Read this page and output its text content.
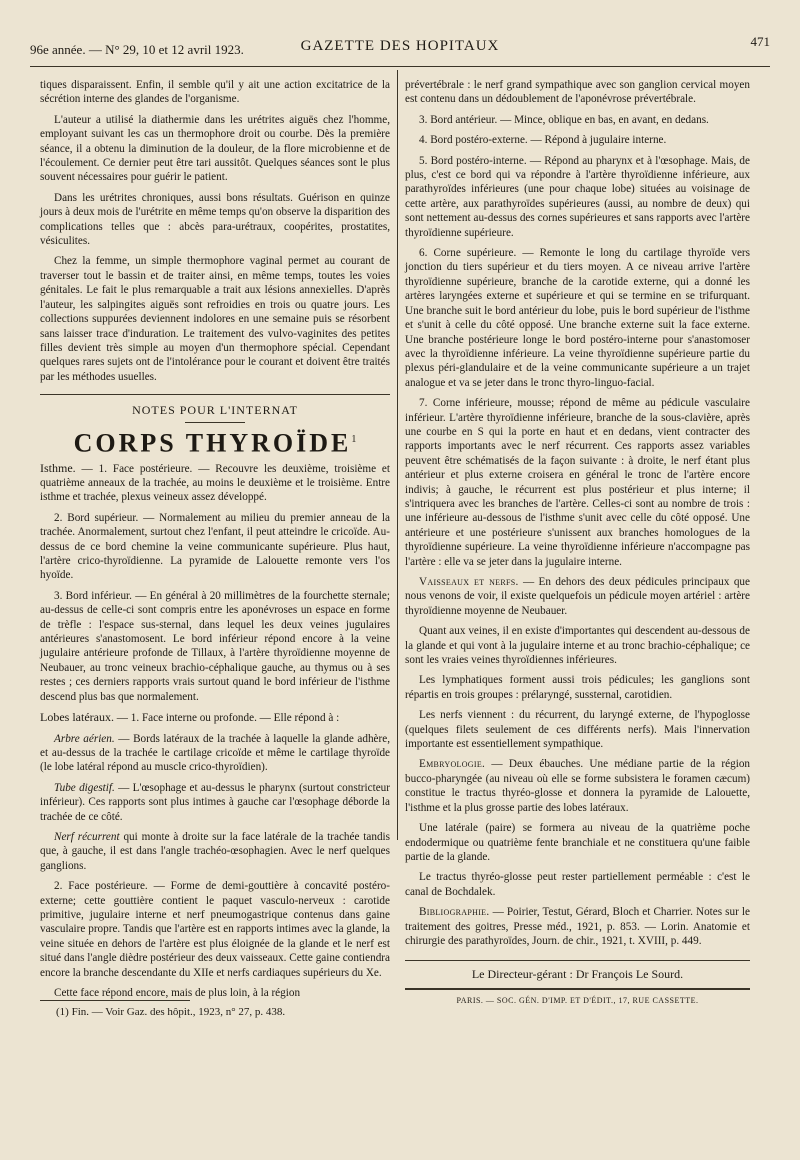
96e année. — N° 29, 10 et 12 avril 1923.	GAZETTE DES HOPITAUX	471

tiques disparaissent. Enfin, il semble qu'il y ait une action excitatrice de la sécrétion interne des glandes de l'organisme.

L'auteur a utilisé la diathermie dans les urétrites aiguës chez l'homme, employant suivant les cas un thermophore droit ou courbe. Dès la première séance, il a obtenu la diminution de la douleur, de la flore microbienne et de l'écoulement. Ce dernier peut être tari aussitôt. Quelques séances sont le plus souvent nécessaires pour guérir le patient.

Dans les urétrites chroniques, aussi bons résultats. Guérison en quinze jours à deux mois de l'urétrite en même temps qu'on observe la disparition des complications telles que : abcès para-urétraux, coopérites, prostatites, vésiculites.

Chez la femme, un simple thermophore vaginal permet au courant de traverser tout le bassin et de traiter ainsi, en même temps, toutes les voies génitales. Le fait le plus remarquable a trait aux lésions annexielles. D'après l'auteur, les salpingites aiguës sont refroidies en trois ou quatre jours. Les collections suppurées deviennent indolores en une semaine puis se résorbent sans laisser trace d'induration. Le traitement des vulvo-vaginites des petites filles devient très simple au moyen d'un thermophore spécial. Cependant quelques rares sujets ont de l'intolérance pour le courant et doivent être traités par les méthodes usuelles.

NOTES POUR L'INTERNAT
CORPS THYROÏDE$^1$

Isthme. — 1. Face postérieure. — Recouvre les deuxième, troisième et quatrième anneaux de la trachée, au moins le deuxième et le troisième. Entre isthme et trachée, plexus veineux assez développé.

2. Bord supérieur. — Normalement au milieu du premier anneau de la trachée. Anormalement, surtout chez l'enfant, il peut atteindre le cricoïde. Au-dessus de ce bord chemine la veine communicante supérieure. Plus haut, l'artère crico-thyroïdienne. La pyramide de Lalouette remonte vers l'os hyoïde.

3. Bord inférieur. — En général à 20 millimètres de la fourchette sternale; au-dessus de celle-ci sont compris entre les aponévroses un espace en forme de trèfle : l'espace sus-sternal, dans lequel les deux veines jugulaires antérieures s'anastomosent. Le bord inférieur répond encore à la veine jugulaire antérieure profonde de Tillaux, à l'artère thyroïdienne moyenne de Neubauer, au tronc veineux brachio-céphalique gauche, au thymus ou à ses restes ; ces derniers rapports vrais surtout quand le bord inférieur de l'isthme descend plus bas que normalement.

Lobes latéraux. — 1. Face interne ou profonde. — Elle répond à :

Arbre aérien. — Bords latéraux de la trachée à laquelle la glande adhère, et au-dessus de la trachée le cartilage cricoïde et même le cartilage thyroïde (le lobe latéral répond au muscle crico-thyroïdien).

Tube digestif. — L'œsophage et au-dessus le pharynx (surtout constricteur inférieur). Ces rapports sont plus intimes à gauche car l'œsophage déborde la trachée de ce côté.

Nerf récurrent qui monte à droite sur la face latérale de la trachée tandis que, à gauche, il est dans l'angle trachéo-œsophagien. Avec le nerf quelques ganglions.

2. Face postérieure. — Forme de demi-gouttière à concavité postéro-externe; cette gouttière contient le paquet vasculo-nerveux : carotide primitive, jugulaire interne et nerf pneumogastrique contenus dans gaine vasculaire propre. Tandis que l'artère est en rapports intimes avec la glande, la veine située en dehors de l'artère est plus éloignée de la glande et le nerf est situé dans l'angle dièdre postérieur des deux vaisseaux. Cette gaine contiendra encore la branche descendante du XIIe et nerfs cardiaques supérieurs du Xe.

Cette face répond encore, mais de plus loin, à la région

prévertébrale : le nerf grand sympathique avec son ganglion cervical moyen est contenu dans un dédoublement de l'aponévrose prévertébrale.

3. Bord antérieur. — Mince, oblique en bas, en avant, en dedans.

4. Bord postéro-externe. — Répond à jugulaire interne.

5. Bord postéro-interne. — Répond au pharynx et à l'œsophage. Mais, de plus, c'est ce bord qui va répondre à l'artère thyroïdienne inférieure, aux parathyroïdes inférieures (une pour chaque lobe) situées au voisinage de cette artère, aux parathyroïdes supérieures (aussi, au nombre de deux) qui sont nettement au-dessus des cornes supérieures et sans rapports avec l'artère thyroïdienne supérieure.

6. Corne supérieure. — Remonte le long du cartilage thyroïde vers jonction du tiers supérieur et du tiers moyen. A ce niveau arrive l'artère thyroïdienne supérieure, branche de la carotide externe, qui a donné les artères laryngées externe et supérieure et qui se termine en se trifurquant. Une branche suit le bord antérieur du lobe, puis le bord supérieur de l'isthme et s'unit à celle du côté opposé. Une branche externe suit la face externe. Une branche postérieure longe le bord postéro-interne pour s'anastomoser avec la thyroïdienne inférieure. La veine thyroïdienne supérieure partie du plexus péri-glandulaire et de la veine communicante supérieure a un trajet analogue et va se jeter dans le tronc thyro-linguo-facial.

7. Corne inférieure, mousse; répond de même au pédicule vasculaire inférieur. L'artère thyroïdienne inférieure, branche de la sous-clavière, après une courbe en S qui la porte en haut et en dedans, vient contracter des rapports importants avec le nerf récurrent. Ces rapports assez variables peuvent être schématisés de la façon suivante : à droite, le nerf étant plus antérieur et plus externe croisera en général le tronc de l'artère encore indivis; à gauche, le récurrent est plus postérieur et plus interne; il s'intriquera avec les branches de l'artère. Celles-ci sont au nombre de trois : une inférieure au-dessous de l'isthme s'unit avec celle du côté opposé. Une antérieure et une postérieure s'unissent aux branches homologues de la thyroïdienne supérieure. La veine thyroïdienne inférieure n'accompagne pas l'artère : elle va se jeter dans la jugulaire interne.

Vaisseaux et nerfs. — En dehors des deux pédicules principaux que nous venons de voir, il existe quelquefois un pédicule moyen artériel : artère thyroïdienne moyenne de Neubauer.

Quant aux veines, il en existe d'importantes qui descendent au-dessous de la glande et qui vont à la jugulaire interne et au tronc brachio-céphalique; ce sont les vraies veines thyroïdiennes inférieures.

Les lymphatiques forment aussi trois pédicules; les ganglions sont répartis en trois groupes : prélaryngé, sussternal, carotidien.

Les nerfs viennent : du récurrent, du laryngé externe, de l'hypoglosse (quelques filets seulement de ces différents nerfs). Mais l'innervation importante est essentiellement sympathique.

Embryologie. — Deux ébauches. Une médiane partie de la région bucco-pharyngée (au niveau où elle se forme subsistera le foramen cæcum) constitue le tractus thyréo-glosse et donnera la pyramide de Lalouette, l'isthme et la plus grosse partie des lobes latéraux.

Une latérale (paire) se formera au niveau de la quatrième poche endodermique ou quatrième fente branchiale et ne constituera qu'une faible partie de la glande.

Le tractus thyréo-glosse peut rester partiellement perméable : c'est le canal de Bochdalek.

Bibliographie. — Poirier, Testut, Gérard, Bloch et Charrier. Notes sur le traitement des goitres, Presse méd., 1921, p. 853. — Lorin. Anatomie et chirurgie des parathyroïdes, Journ. de chir., 1921, t. XVIII, p. 449.

Le Directeur-gérant : Dr François Le Sourd.
PARIS. — SOC. GÉN. D'IMP. ET D'ÉDIT., 17, RUE CASSETTE.
(1) Fin. — Voir Gaz. des hôpit., 1923, n° 27, p. 438.
